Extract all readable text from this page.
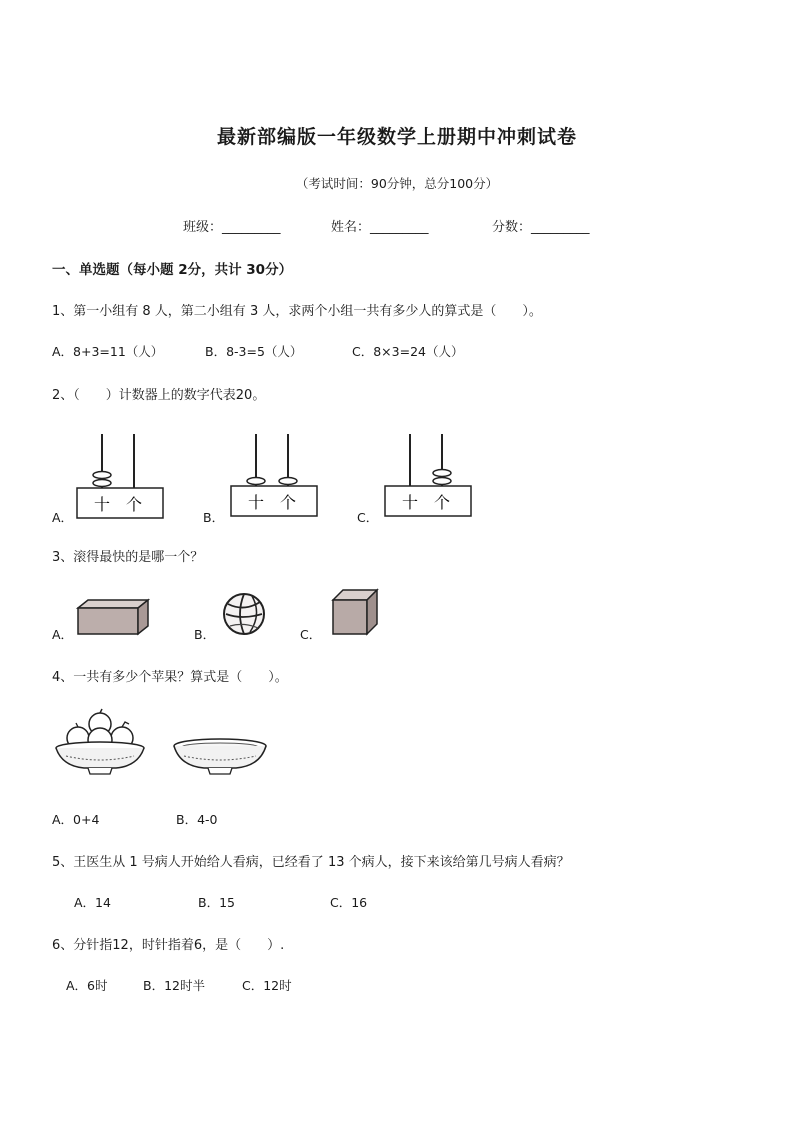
最新部编版一年级数学上册期中冲刺试卷
（考试时间：90分钟，总分100分）
班级：_________	姓名：_________	分数：_________
一、单选题（每小题 2分，共计 30分）
1、第一小组有 8 人，第二小组有 3 人，求两个小组一共有多少人的算式是（　　）。
A．8+3=11（人）	B．8-3=5（人）	C．8×3=24（人）
2、（　　）计数器上的数字代表20。
A．	B．	C．
十 个	十 个	十 个
3、滚得最快的是哪一个？
A．	B．	C．
4、一共有多少个苹果？算式是（　　）。
A．0+4	B．4-0
5、王医生从 1 号病人开始给人看病，已经看了 13 个病人，接下来该给第几号病人看病？
A．14	B．15	C．16
6、分针指12，时针指着6，是（　　）.
A．6时	B．12时半	C．12时
